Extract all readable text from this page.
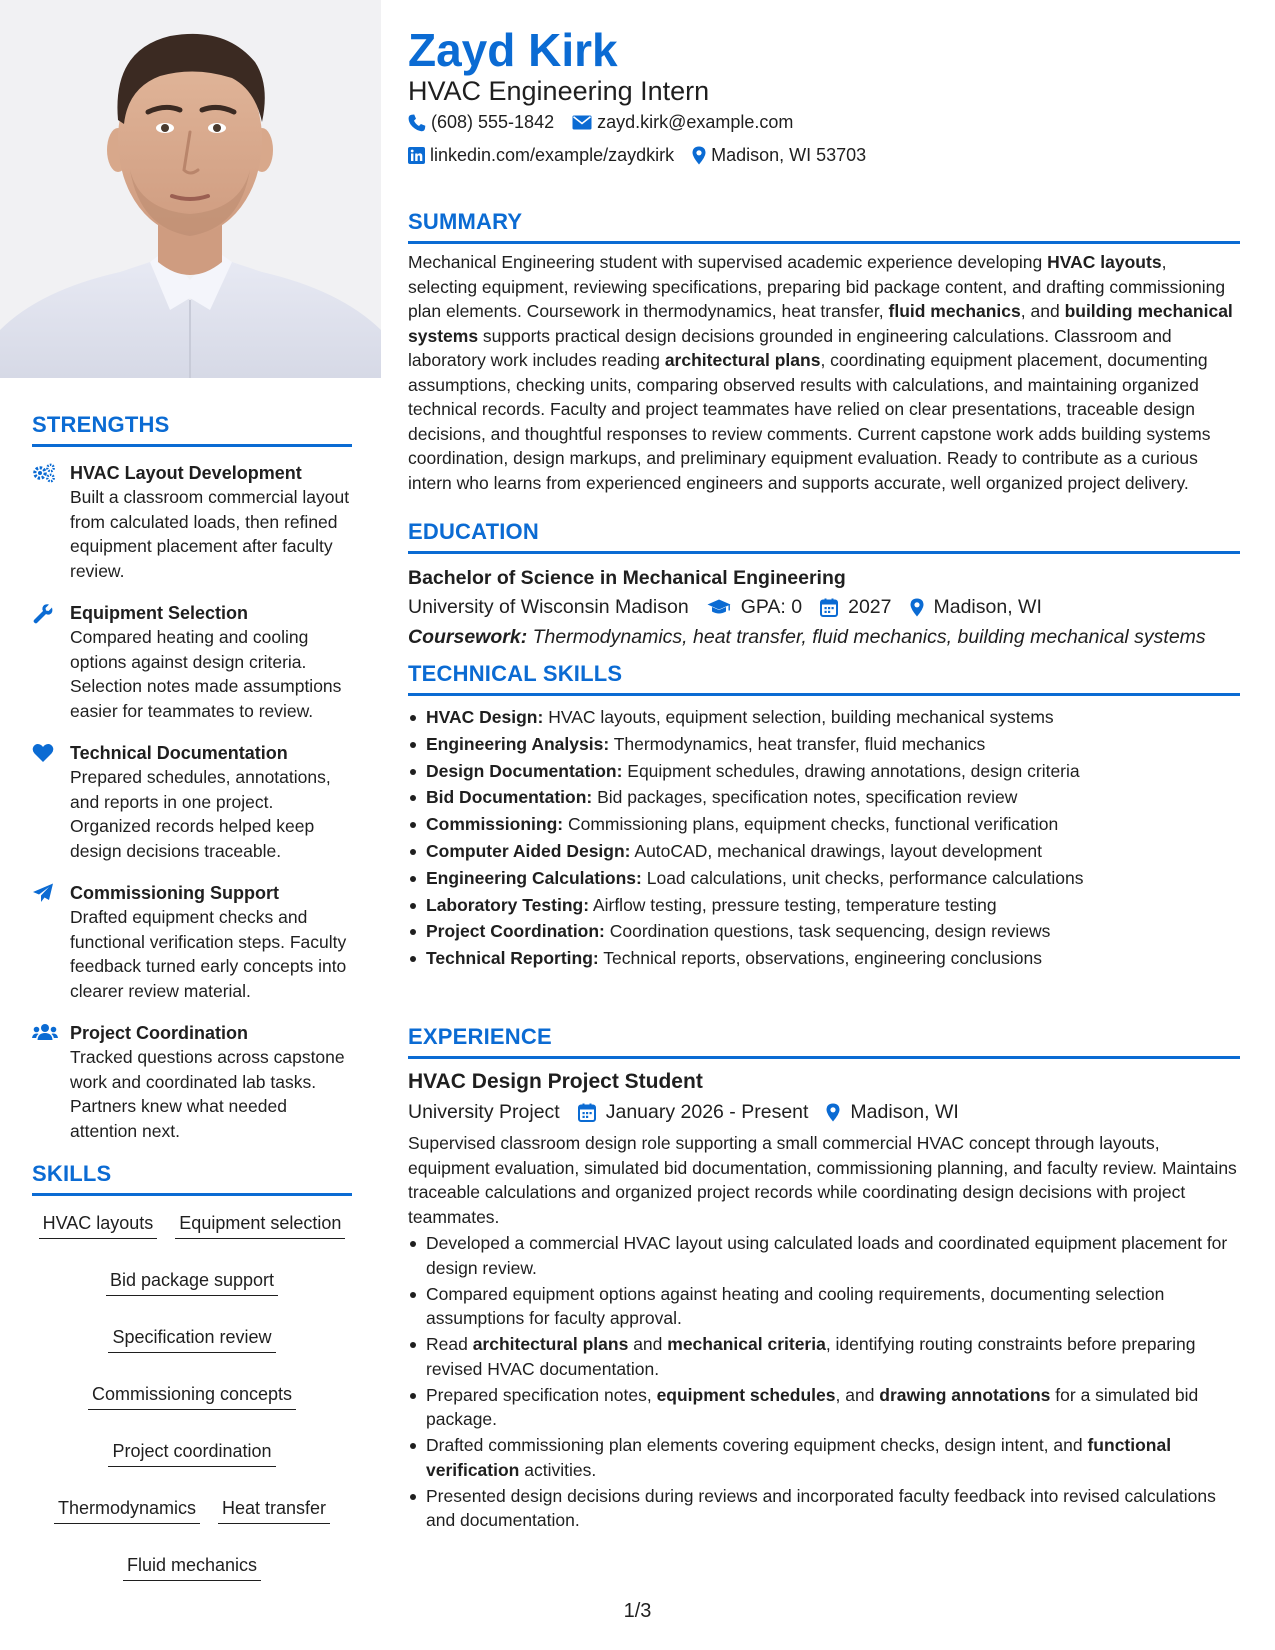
STRENGTHS
HVAC Layout Development
Built a classroom commercial layout from calculated loads, then refined equipment placement after faculty review.
Equipment Selection
Compared heating and cooling options against design criteria. Selection notes made assumptions easier for teammates to review.
Technical Documentation
Prepared schedules, annotations, and reports in one project. Organized records helped keep design decisions traceable.
Commissioning Support
Drafted equipment checks and functional verification steps. Faculty feedback turned early concepts into clearer review material.
Project Coordination
Tracked questions across capstone work and coordinated lab tasks. Partners knew what needed attention next.
SKILLS
HVAC layouts Equipment selection
Bid package support
Specification review
Commissioning concepts
Project coordination
Thermodynamics Heat transfer
Fluid mechanics
Zayd Kirk
HVAC Engineering Intern
(608) 555-1842 zayd.kirk@example.com
linkedin.com/example/zaydkirk Madison, WI 53703
SUMMARY
Mechanical Engineering student with supervised academic experience developing HVAC layouts, selecting equipment, reviewing specifications, preparing bid package content, and drafting commissioning plan elements. Coursework in thermodynamics, heat transfer, fluid mechanics, and building mechanical systems supports practical design decisions grounded in engineering calculations. Classroom and laboratory work includes reading architectural plans, coordinating equipment placement, documenting assumptions, checking units, comparing observed results with calculations, and maintaining organized technical records. Faculty and project teammates have relied on clear presentations, traceable design decisions, and thoughtful responses to review comments. Current capstone work adds building systems coordination, design markups, and preliminary equipment evaluation. Ready to contribute as a curious intern who learns from experienced engineers and supports accurate, well organized project delivery.
EDUCATION
Bachelor of Science in Mechanical Engineering
University of Wisconsin Madison	GPA: 0 2027 Madison, WI
Coursework: Thermodynamics, heat transfer, fluid mechanics, building mechanical systems
TECHNICAL SKILLS
HVAC Design: HVAC layouts, equipment selection, building mechanical systems
Engineering Analysis: Thermodynamics, heat transfer, fluid mechanics
Design Documentation: Equipment schedules, drawing annotations, design criteria
Bid Documentation: Bid packages, specification notes, specification review
Commissioning: Commissioning plans, equipment checks, functional verification
Computer Aided Design: AutoCAD, mechanical drawings, layout development
Engineering Calculations: Load calculations, unit checks, performance calculations
Laboratory Testing: Airflow testing, pressure testing, temperature testing
Project Coordination: Coordination questions, task sequencing, design reviews
Technical Reporting: Technical reports, observations, engineering conclusions
EXPERIENCE
HVAC Design Project Student
University Project January 2026 - Present Madison, WI
Supervised classroom design role supporting a small commercial HVAC concept through layouts, equipment evaluation, simulated bid documentation, commissioning planning, and faculty review. Maintains traceable calculations and organized project records while coordinating design decisions with project teammates.
Developed a commercial HVAC layout using calculated loads and coordinated equipment placement for design review.
Compared equipment options against heating and cooling requirements, documenting selection assumptions for faculty approval.
Read architectural plans and mechanical criteria, identifying routing constraints before preparing revised HVAC documentation.
Prepared specification notes, equipment schedules, and drawing annotations for a simulated bid package.
Drafted commissioning plan elements covering equipment checks, design intent, and functional verification activities.
Presented design decisions during reviews and incorporated faculty feedback into revised calculations and documentation.
1/3
